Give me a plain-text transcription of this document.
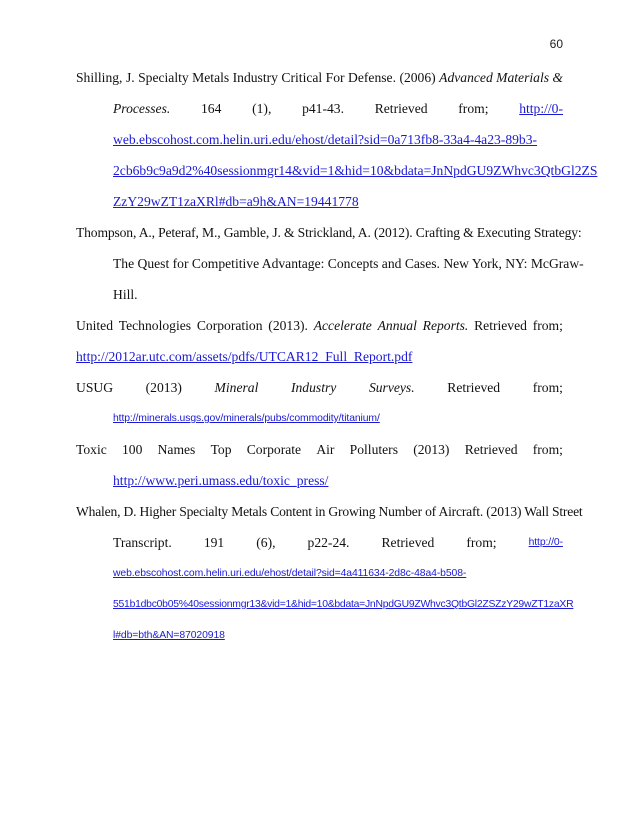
60
Shilling, J. Specialty Metals Industry Critical For Defense. (2006) Advanced Materials &
Processes. 164 (1), p41-43. Retrieved from; http://0-
web.ebscohost.com.helin.uri.edu/ehost/detail?sid=0a713fb8-33a4-4a23-89b3-
2cb6b9c9a9d2%40sessionmgr14&vid=1&hid=10&bdata=JnNpdGU9ZWhvc3QtbGl2ZS
ZzY29wZT1zaXRl#db=a9h&AN=19441778
Thompson, A., Peteraf, M., Gamble, J. & Strickland, A. (2012). Crafting & Executing Strategy:
The Quest for Competitive Advantage: Concepts and Cases. New York, NY: McGraw-
Hill.
United Technologies Corporation (2013). Accelerate Annual Reports. Retrieved from;
http://2012ar.utc.com/assets/pdfs/UTCAR12_Full_Report.pdf
USUG (2013) Mineral Industry Surveys. Retrieved from;
http://minerals.usgs.gov/minerals/pubs/commodity/titanium/
Toxic 100 Names Top Corporate Air Polluters (2013) Retrieved from;
http://www.peri.umass.edu/toxic_press/
Whalen, D. Higher Specialty Metals Content in Growing Number of Aircraft. (2013) Wall Street
Transcript. 191 (6), p22-24. Retrieved from;	http://0-
web.ebscohost.com.helin.uri.edu/ehost/detail?sid=4a411634-2d8c-48a4-b508-
551b1dbc0b05%40sessionmgr13&vid=1&hid=10&bdata=JnNpdGU9ZWhvc3QtbGl2ZSZzY29wZT1zaXR
l#db=bth&AN=87020918
